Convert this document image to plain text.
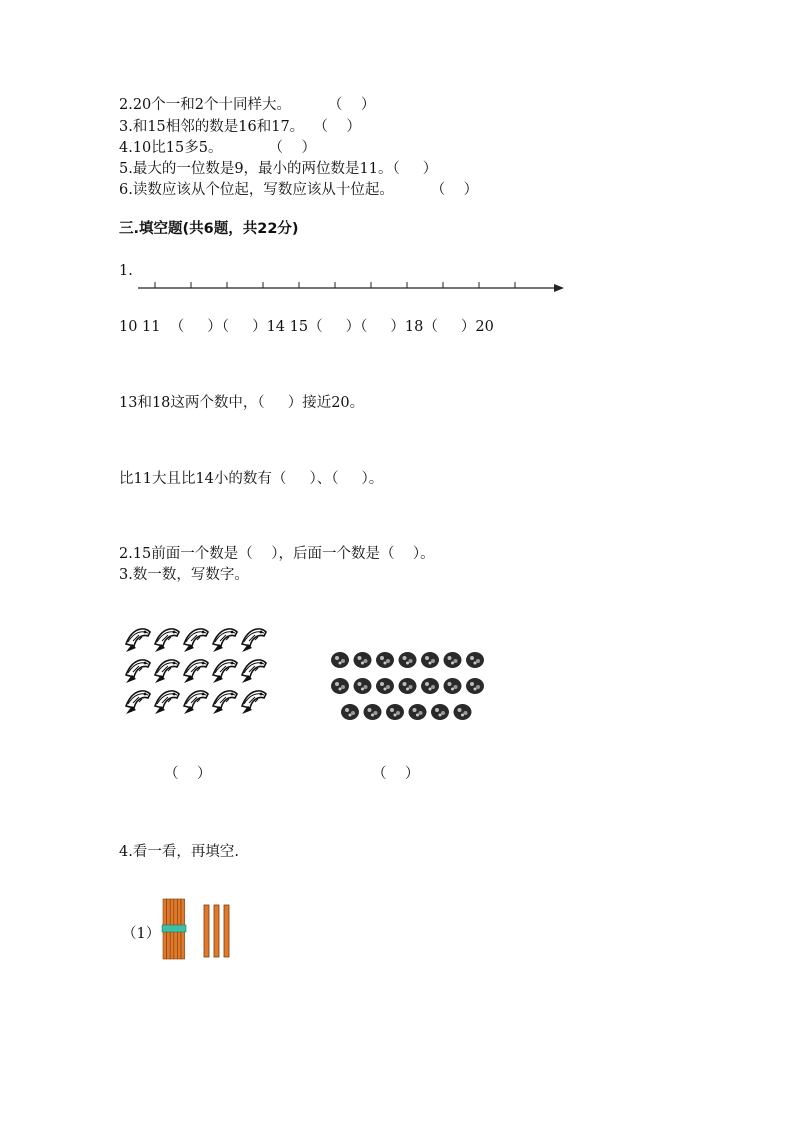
2.20个一和2个十同样大。        （    ）
3.和15相邻的数是16和17。  （    ）
4.10比15多5。          （    ）
5.最大的一位数是9，最小的两位数是11。（     ）
6.读数应该从个位起，写数应该从十位起。        （    ）
三.填空题(共6题，共22分)
1.
10 11  （     ）（     ）14 15（     ）（     ）18（     ）20
13和18这两个数中，（     ）接近20。
比11大且比14小的数有（     ）、（     ）。
2.15前面一个数是（    ），后面一个数是（    ）。
3.数一数，写数字。
（    ）	（    ）
4.看一看，再填空.
（1）
